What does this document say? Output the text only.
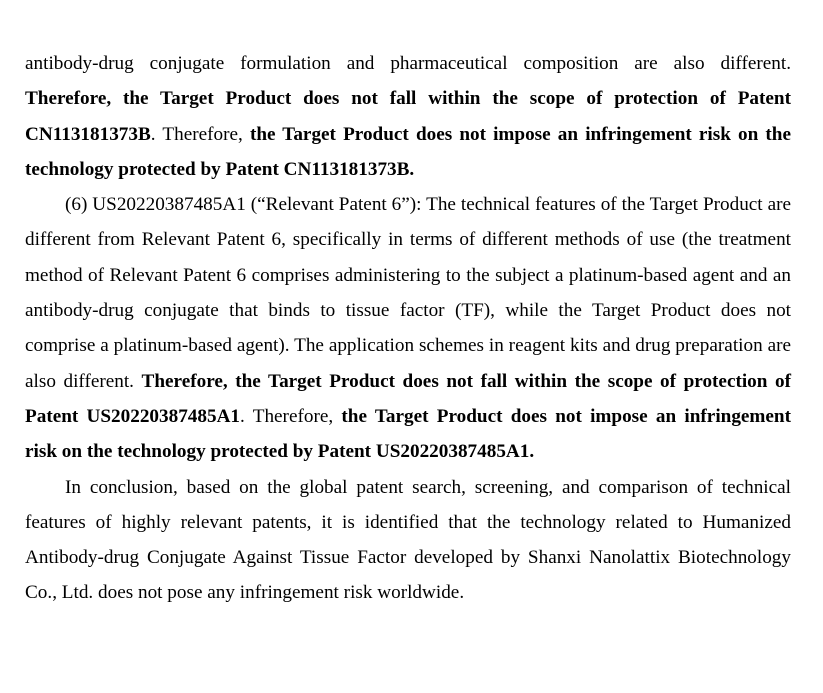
antibody-drug conjugate formulation and pharmaceutical composition are also different. Therefore, the Target Product does not fall within the scope of protection of Patent CN113181373B. Therefore, the Target Product does not impose an infringement risk on the technology protected by Patent CN113181373B.

(6) US20220387485A1 (“Relevant Patent 6”): The technical features of the Target Product are different from Relevant Patent 6, specifically in terms of different methods of use (the treatment method of Relevant Patent 6 comprises administering to the subject a platinum-based agent and an antibody-drug conjugate that binds to tissue factor (TF), while the Target Product does not comprise a platinum-based agent). The application schemes in reagent kits and drug preparation are also different. Therefore, the Target Product does not fall within the scope of protection of Patent US20220387485A1. Therefore, the Target Product does not impose an infringement risk on the technology protected by Patent US20220387485A1.

In conclusion, based on the global patent search, screening, and comparison of technical features of highly relevant patents, it is identified that the technology related to Humanized Antibody-drug Conjugate Against Tissue Factor developed by Shanxi Nanolattix Biotechnology Co., Ltd. does not pose any infringement risk worldwide.
